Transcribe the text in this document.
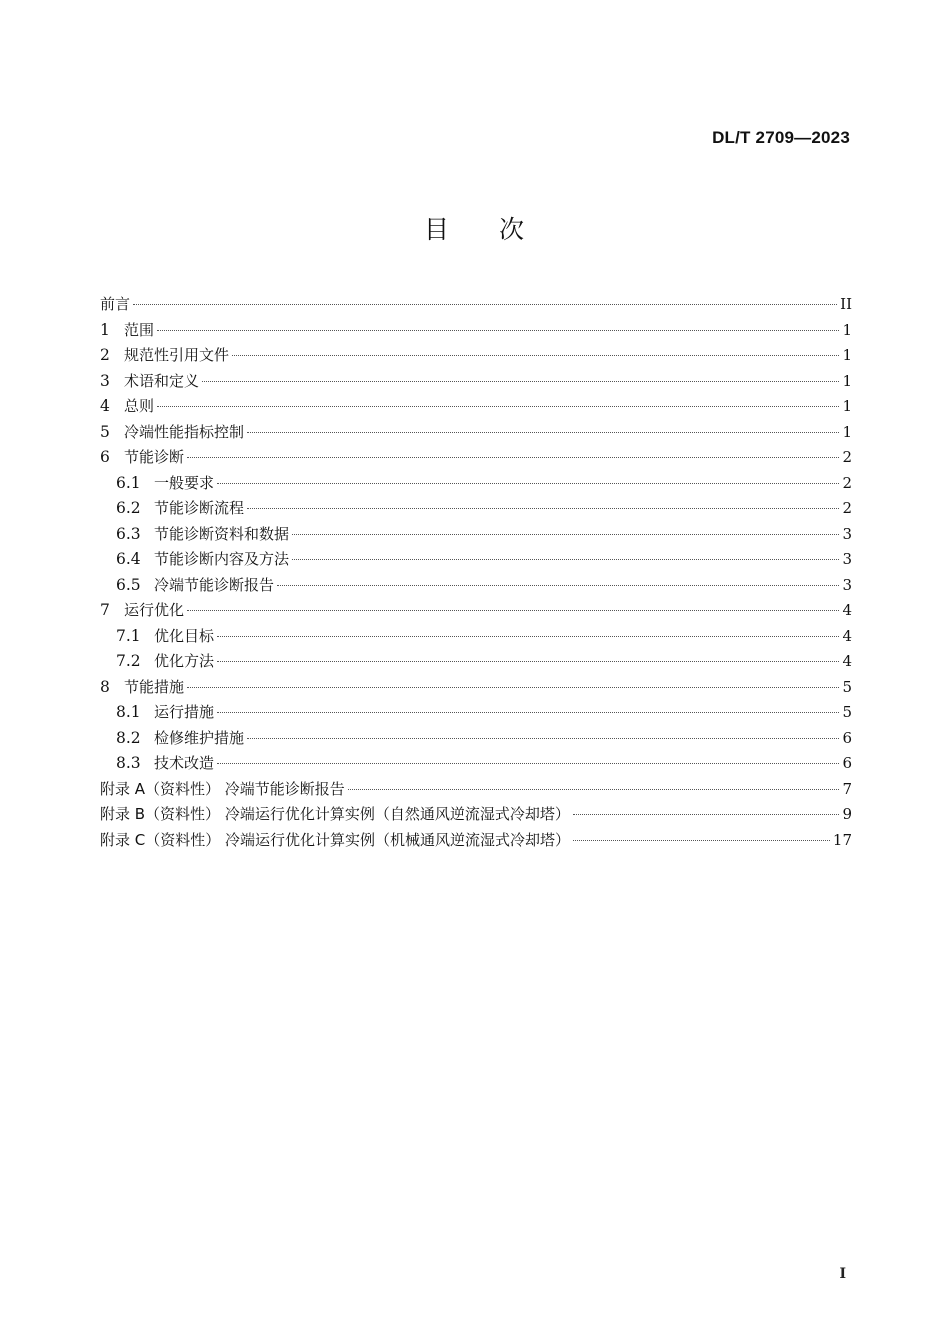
DL/T 2709—2023
目 次
前言	II
1 范围	1
2 规范性引用文件	1
3 术语和定义	1
4 总则	1
5 冷端性能指标控制	1
6 节能诊断	2
6.1 一般要求	2
6.2 节能诊断流程	2
6.3 节能诊断资料和数据	3
6.4 节能诊断内容及方法	3
6.5 冷端节能诊断报告	3
7 运行优化	4
7.1 优化目标	4
7.2 优化方法	4
8 节能措施	5
8.1 运行措施	5
8.2 检修维护措施	6
8.3 技术改造	6
附录 A（资料性） 冷端节能诊断报告	7
附录 B（资料性） 冷端运行优化计算实例（自然通风逆流湿式冷却塔）	9
附录 C（资料性） 冷端运行优化计算实例（机械通风逆流湿式冷却塔）	17
I
